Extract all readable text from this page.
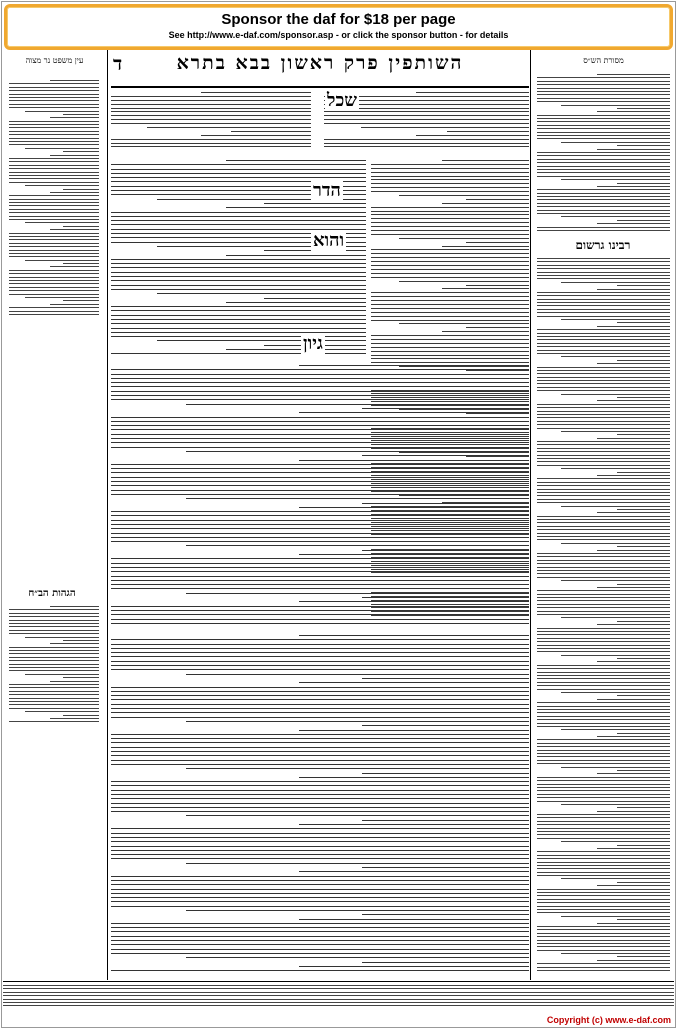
Sponsor the daf for $18 per page
See http://www.e-daf.com/sponsor.asp - or click the sponsor button - for details
השותפין פרק ראשון בבא בתרא
ד
שכל
הדר
והוא
גיון
עין משפט נר מצוה
הגהות הב״ח
מסורת הש״ס
רבינו גרשום
Copyright (c) www.e-daf.com
